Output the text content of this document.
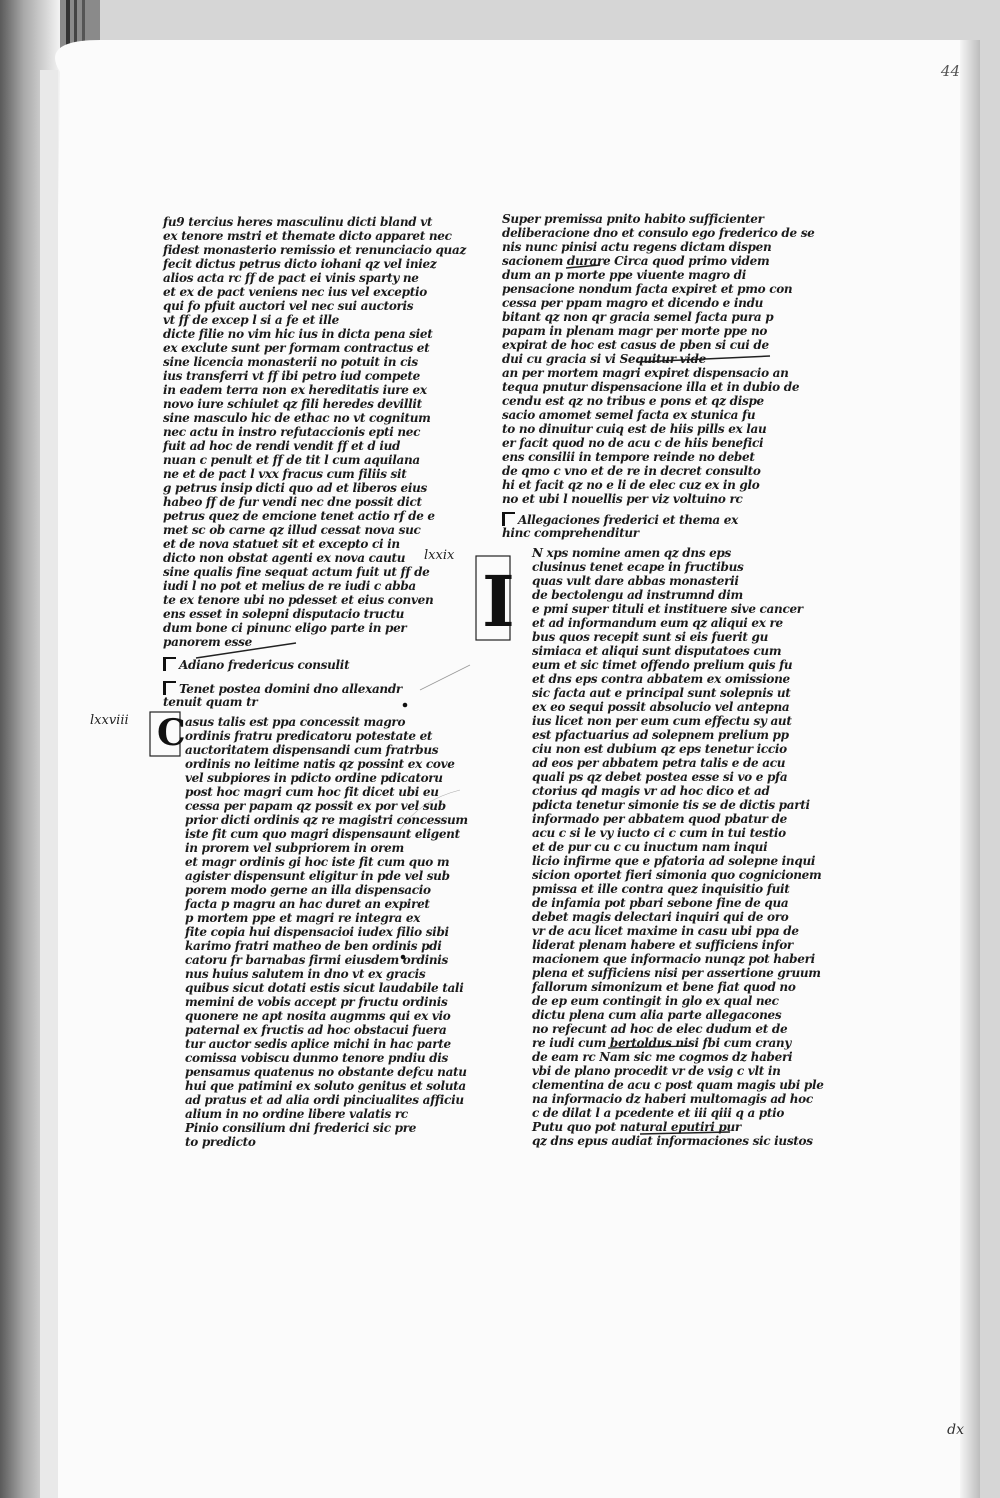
44
dx
lxxviii
lxxix
C
I
fu9 tercius heres masculinu dicti bland vt
ex tenore mstri et themate dicto apparet nec
fidest monasterio remissio et renunciacio quaz
fecit dictus petrus dicto iohani qz vel iniez
alios acta rc ff de pact ei vinis sparty ne
et ex de pact veniens nec ius vel exceptio
qui fo pfuit auctori vel nec sui auctoris
vt ff de excep l si a fe et ille
dicte filie no vim hic ius in dicta pena siet
ex exclute sunt per formam contractus et
sine licencia monasterii no potuit in cis
ius transferri vt ff ibi petro iud compete
in eadem terra non ex hereditatis iure ex
novo iure schiulet qz fili heredes devillit
sine masculo hic de ethac no vt cognitum
nec actu in instro refutaccionis epti nec
fuit ad hoc de rendi vendit ff et d iud
nuan c penult et ff de tit l cum aquilana
ne et de pact l vxx fracus cum filiis sit
g petrus insip dicti quo ad et liberos eius
habeo ff de fur vendi nec dne possit dict
petrus quez de emcione tenet actio rf de e
met sc ob carne qz illud cessat nova suc
et de nova statuet sit et excepto ci in
dicto non obstat agenti ex nova cautu
sine qualis fine sequat actum fuit ut ff de
iudi l no pot et melius de re iudi c abba
te ex tenore ubi no pdesset et eius conven
ens esset in solepni disputacio tructu
dum bone ci pinunc eligo parte in per
panorem esse
Adiano fredericus consulit
Tenet postea domini dno allexandr
tenuit quam tr
asus talis est ppa concessit magro
ordinis fratru predicatoru potestate et
auctoritatem dispensandi cum fratrbus
ordinis no leitime natis qz possint ex cove
vel subpiores in pdicto ordine pdicatoru
post hoc magri cum hoc fit dicet ubi eu
cessa per papam qz possit ex por vel sub
prior dicti ordinis qz re magistri concessum
iste fit cum quo magri dispensaunt eligent
in prorem vel subpriorem in orem
et magr ordinis gi hoc iste fit cum quo m
agister dispensunt eligitur in pde vel sub
porem modo gerne an illa dispensacio
facta p magru an hac duret an expiret
p mortem ppe et magri re integra ex
fite copia hui dispensacioi iudex filio sibi
karimo fratri matheo de ben ordinis pdi
catoru fr barnabas firmi eiusdem ordinis
nus huius salutem in dno vt ex gracis
quibus sicut dotati estis sicut laudabile tali
memini de vobis accept pr fructu ordinis
quonere ne apt nosita augmms qui ex vio
paternal ex fructis ad hoc obstacui fuera
tur auctor sedis aplice michi in hac parte
comissa vobiscu dunmo tenore pndiu dis
pensamus quatenus no obstante defcu natu
hui que patimini ex soluto genitus et soluta
ad pratus et ad alia ordi pinciualites afficiu
alium in no ordine libere valatis rc
Pinio consilium dni frederici sic pre
to predicto
Super premissa pnito habito sufficienter
deliberacione dno et consulo ego frederico de se
nis nunc pinisi actu regens dictam dispen
sacionem durare Circa quod primo videm
dum an p morte ppe viuente magro di
pensacione nondum facta expiret et pmo con
cessa per ppam magro et dicendo e indu
bitant qz non qr gracia semel facta pura p
papam in plenam magr per morte ppe no
expirat de hoc est casus de pben si cui de
dui cu gracia si vi Sequitur vide
an per mortem magri expiret dispensacio an
tequa pnutur dispensacione illa et in dubio de
cendu est qz no tribus e pons et qz dispe
sacio amomet semel facta ex stunica fu
to no dinuitur cuiq est de hiis pills ex lau
er facit quod no de acu c de hiis benefici
ens consilii in tempore reinde no debet
de qmo c vno et de re in decret consulto
hi et facit qz no e li de elec cuz ex in glo
no et ubi l nouellis per viz voltuino rc
Allegaciones frederici et thema ex
hinc comprehenditur
N xps nomine amen qz dns eps
clusinus tenet ecape in fructibus
quas vult dare abbas monasterii
de bectolengu ad instrumnd dim
e pmi super tituli et instituere sive cancer
et ad informandum eum qz aliqui ex re
bus quos recepit sunt si eis fuerit gu
simiaca et aliqui sunt disputatoes cum
eum et sic timet offendo prelium quis fu
et dns eps contra abbatem ex omissione
sic facta aut e principal sunt solepnis ut
ex eo sequi possit absolucio vel antepna
ius licet non per eum cum effectu sy aut
est pfactuarius ad solepnem prelium pp
ciu non est dubium qz eps tenetur iccio
ad eos per abbatem petra talis e de acu
quali ps qz debet postea esse si vo e pfa
ctorius qd magis vr ad hoc dico et ad
pdicta tenetur simonie tis se de dictis parti
informado per abbatem quod pbatur de
acu c si le vy iucto ci c cum in tui testio
et de pur cu c cu inuctum nam inqui
licio infirme que e pfatoria ad solepne inqui
sicion oportet fieri simonia quo cognicionem
pmissa et ille contra quez inquisitio fuit
de infamia pot pbari sebone fine de qua
debet magis delectari inquiri qui de oro
vr de acu licet maxime in casu ubi ppa de
liderat plenam habere et sufficiens infor
macionem que informacio nunqz pot haberi
plena et sufficiens nisi per assertione gruum
fallorum simonizum et bene fiat quod no
de ep eum contingit in glo ex qual nec
dictu plena cum alia parte allegacones
no refecunt ad hoc de elec dudum et de
re iudi cum bertoldus nisi fbi cum crany
de eam rc Nam sic me cogmos dz haberi
vbi de plano procedit vr de vsig c vlt in
clementina de acu c post quam magis ubi ple
na informacio dz haberi multomagis ad hoc
c de dilat l a pcedente et iii qiii q a ptio
Putu quo pot natural eputiri pur
qz dns epus audiat informaciones sic iustos
